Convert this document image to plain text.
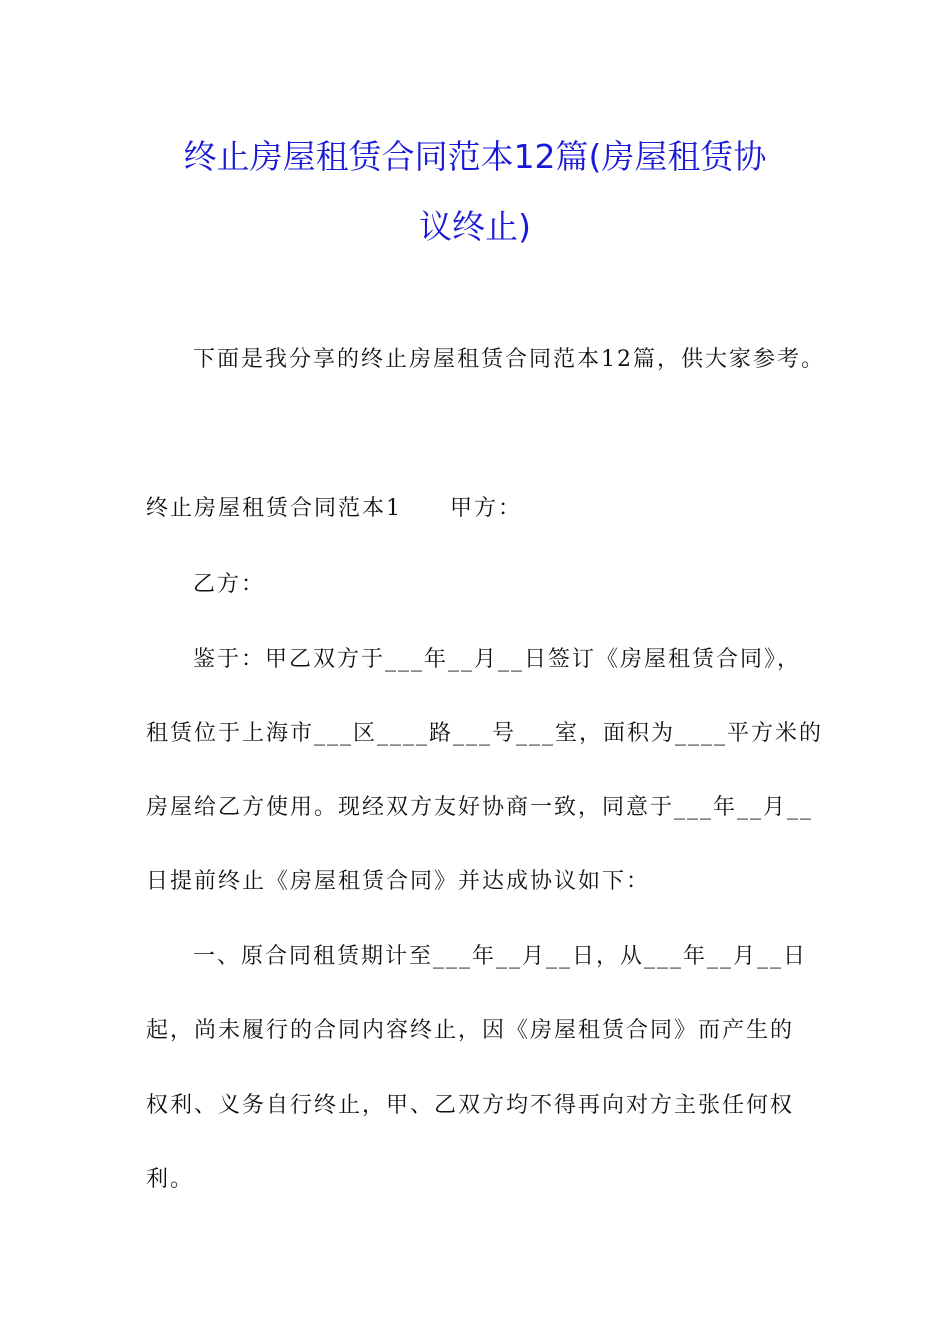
终止房屋租赁合同范本12篇(房屋租赁协
议终止)
下面是我分享的终止房屋租赁合同范本12篇，供大家参考。
终止房屋租赁合同范本1 甲方：
乙方：
鉴于：甲乙双方于___年__月__日签订《房屋租赁合同》，
租赁位于上海市___区____路___号___室，面积为____平方米的
房屋给乙方使用。现经双方友好协商一致，同意于___年__月__
日提前终止《房屋租赁合同》并达成协议如下：
一、原合同租赁期计至___年__月__日，从___年__月__日
起，尚未履行的合同内容终止，因《房屋租赁合同》而产生的
权利、义务自行终止，甲、乙双方均不得再向对方主张任何权
利。
